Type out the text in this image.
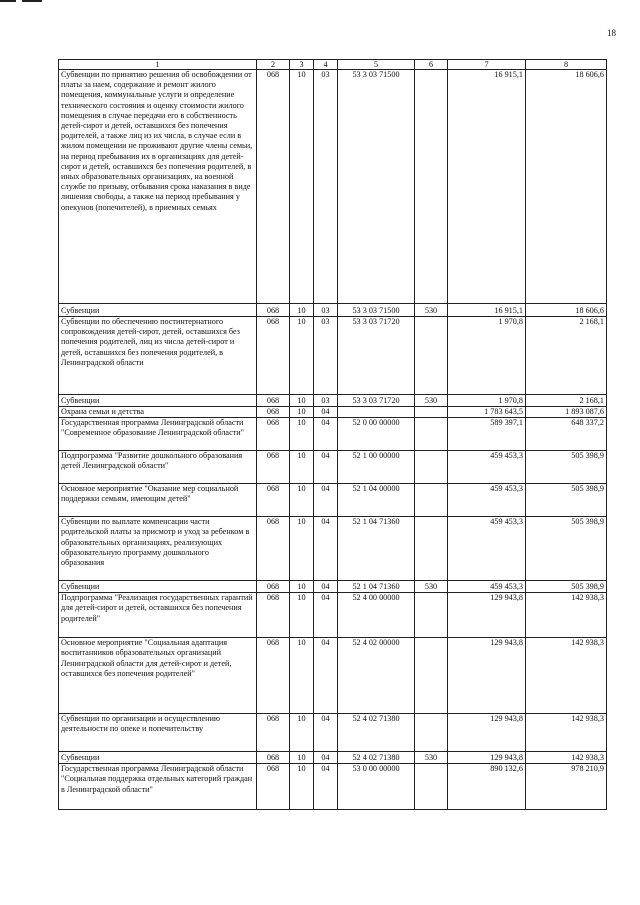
18
1	2	3	4	5	6	7	8
Субвенции по принятию решения об освобождении от платы за наем, содержание и ремонт жилого помещения, коммунальные услуги и определение технического состояния и оценку стоимости жилого помещения в случае передачи его в собственность детей-сирот и детей, оставшихся без попечения родителей, а также лиц из их числа, в случае если в жилом помещении не проживают другие члены семьи, на период пребывания их в организациях для детей-сирот и детей, оставшихся без попечения родителей, в иных образовательных организациях, на военной службе по призыву, отбывания срока наказания в виде лишения свободы, а также на период пребывания у опекунов (попечителей), в приемных семьях	068	10	03	53 3 03 71500		16 915,1	18 606,6
Субвенции	068	10	03	53 3 03 71500	530	16 915,1	18 606,6
Субвенции по обеспечению постинтернатного сопровождения детей-сирот, детей, оставшихся без попечения родителей, лиц из числа детей-сирот и детей, оставшихся без попечения родителей, в Ленинградской области	068	10	03	53 3 03 71720		1 970,8	2 168,1
Субвенции	068	10	03	53 3 03 71720	530	1 970,8	2 168,1
Охрана семьи и детства	068	10	04			1 783 643,5	1 893 087,6
Государственная программа Ленинградской области "Современное образование Ленинградской области"	068	10	04	52 0 00 00000		589 397,1	648 337,2
Подпрограмма "Развитие дошкольного образования детей Ленинградской области"	068	10	04	52 1 00 00000		459 453,3	505 398,9
Основное мероприятие "Оказание мер социальной поддержки семьям, имеющим детей"	068	10	04	52 1 04 00000		459 453,3	505 398,9
Субвенции по выплате компенсации части родительской платы за присмотр и уход за ребенком в образовательных организациях, реализующих образовательную программу дошкольного образования	068	10	04	52 1 04 71360		459 453,3	505 398,9
Субвенции	068	10	04	52 1 04 71360	530	459 453,3	505 398,9
Подпрограмма "Реализация государственных гарантий для детей-сирот и детей, оставшихся без попечения родителей"	068	10	04	52 4 00 00000		129 943,8	142 938,3
Основное мероприятие "Социальная адаптация воспитанников образовательных организаций Ленинградской области для детей-сирот и детей, оставшихся без попечения родителей"	068	10	04	52 4 02 00000		129 943,8	142 938,3
Субвенции по организации и осуществлению деятельности по опеке и попечительству	068	10	04	52 4 02 71380		129 943,8	142 938,3
Субвенции	068	10	04	52 4 02 71380	530	129 943,8	142 938,3
Государственная программа Ленинградской области "Социальная поддержка отдельных категорий граждан в Ленинградской области"	068	10	04	53 0 00 00000		890 132,6	978 210,9
